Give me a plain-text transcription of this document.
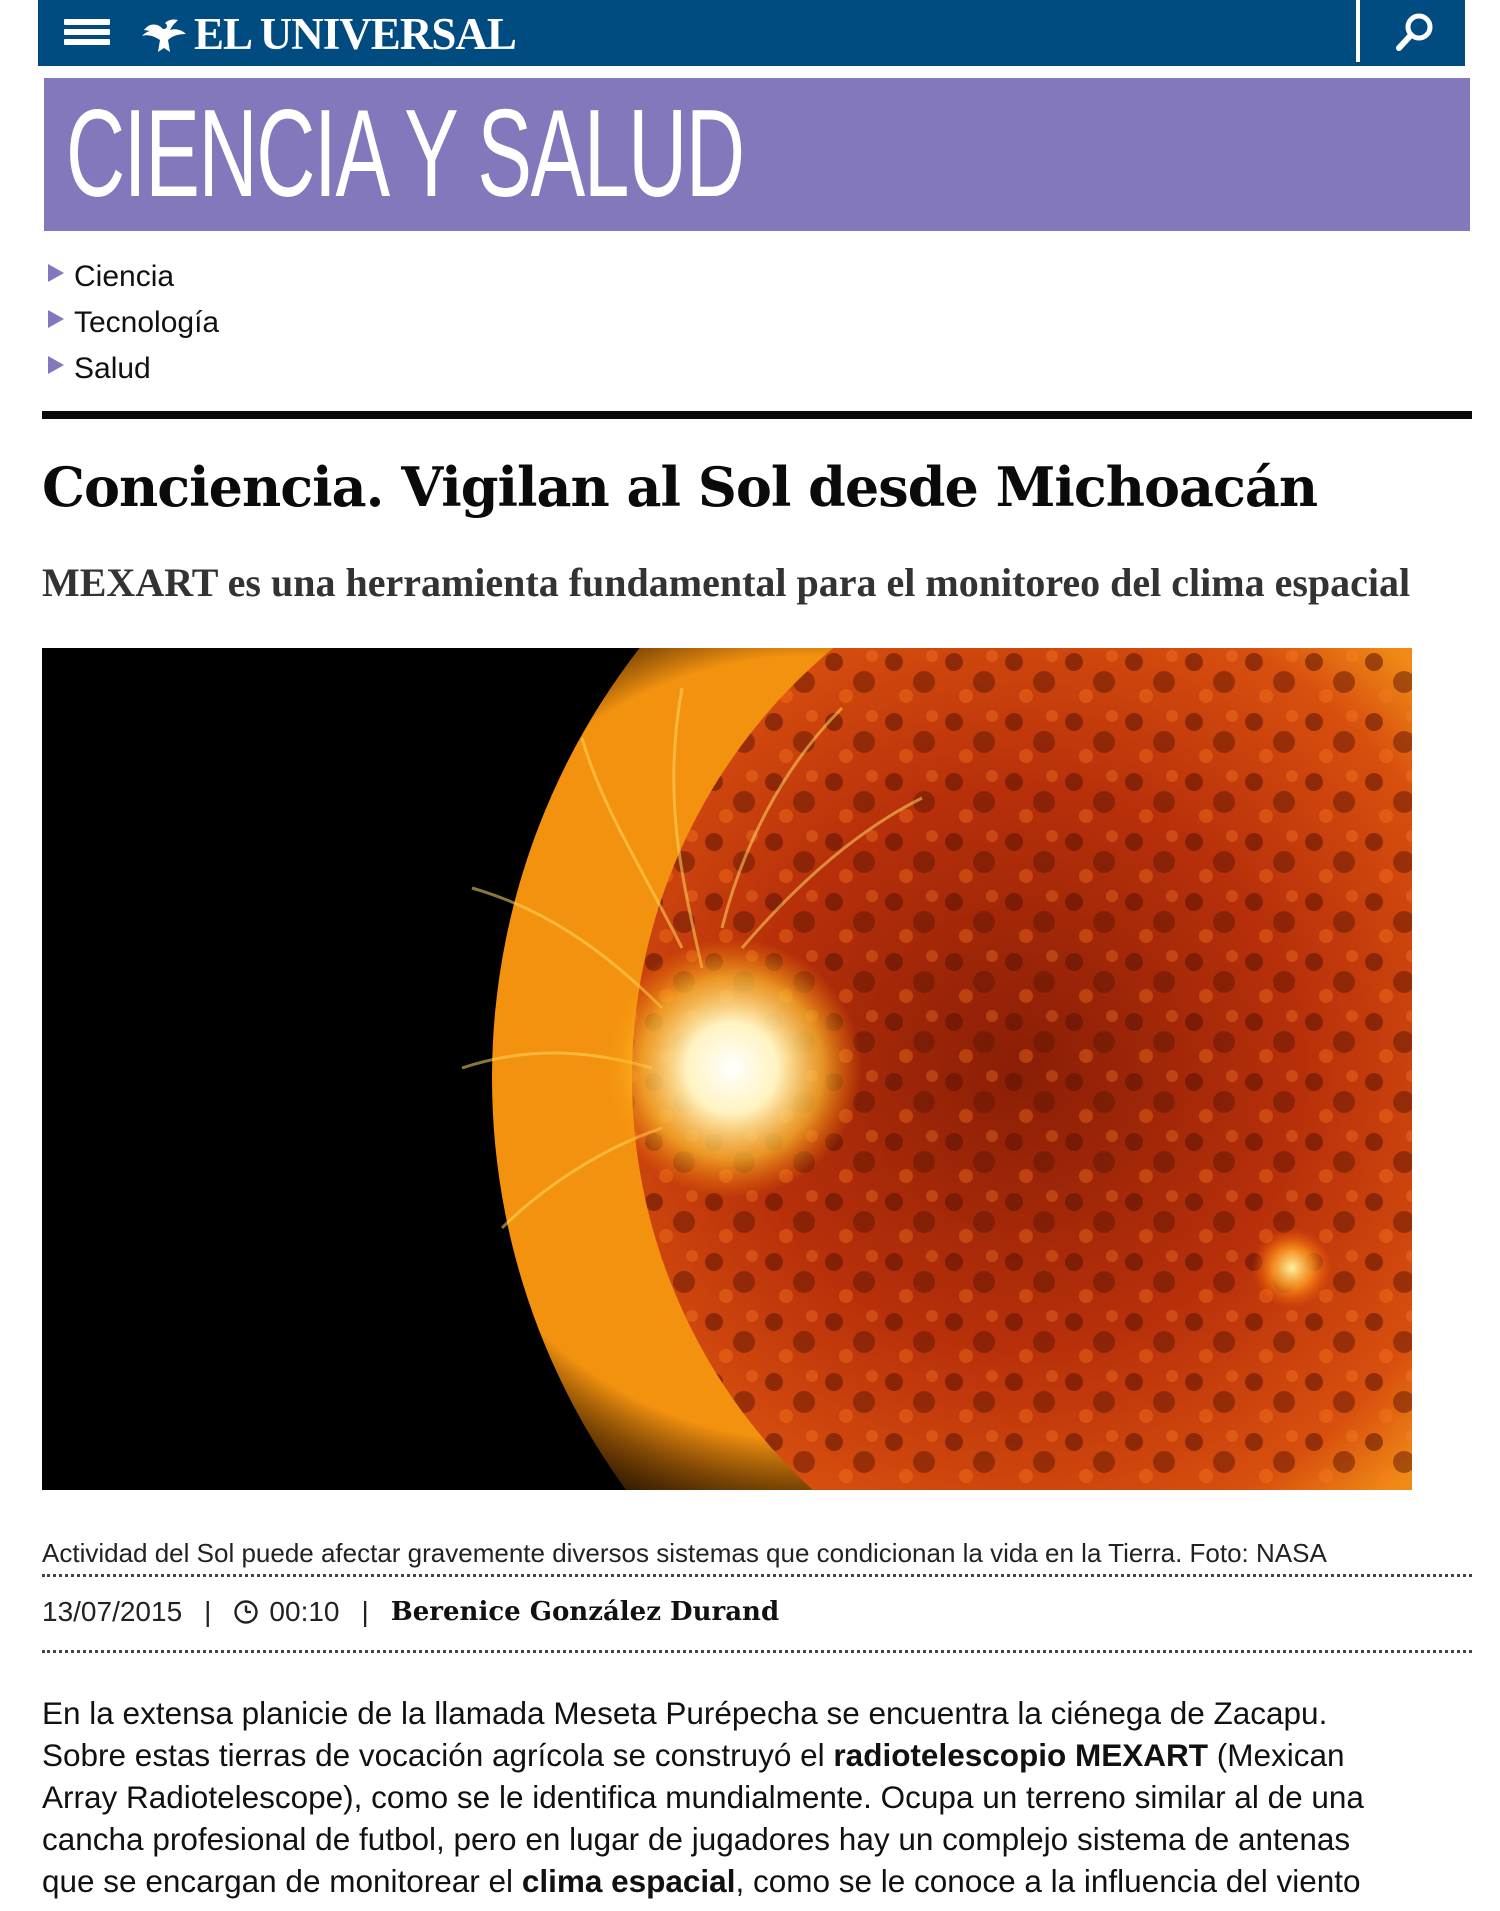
EL UNIVERSAL
CIENCIA Y SALUD
Ciencia
Tecnología
Salud
Conciencia. Vigilan al Sol desde Michoacán
MEXART es una herramienta fundamental para el monitoreo del clima espacial

Actividad del Sol puede afectar gravemente diversos sistemas que condicionan la vida en la Tierra. Foto: NASA

13/07/2015 | 00:10 | Berenice González Durand

En la extensa planicie de la llamada Meseta Purépecha se encuentra la ciénega de Zacapu.

Sobre estas tierras de vocación agrícola se construyó el radiotelescopio MEXART (Mexican

Array Radiotelescope), como se le identifica mundialmente. Ocupa un terreno similar al de una

cancha profesional de futbol, pero en lugar de jugadores hay un complejo sistema de antenas

que se encargan de monitorear el clima espacial, como se le conoce a la influencia del viento
